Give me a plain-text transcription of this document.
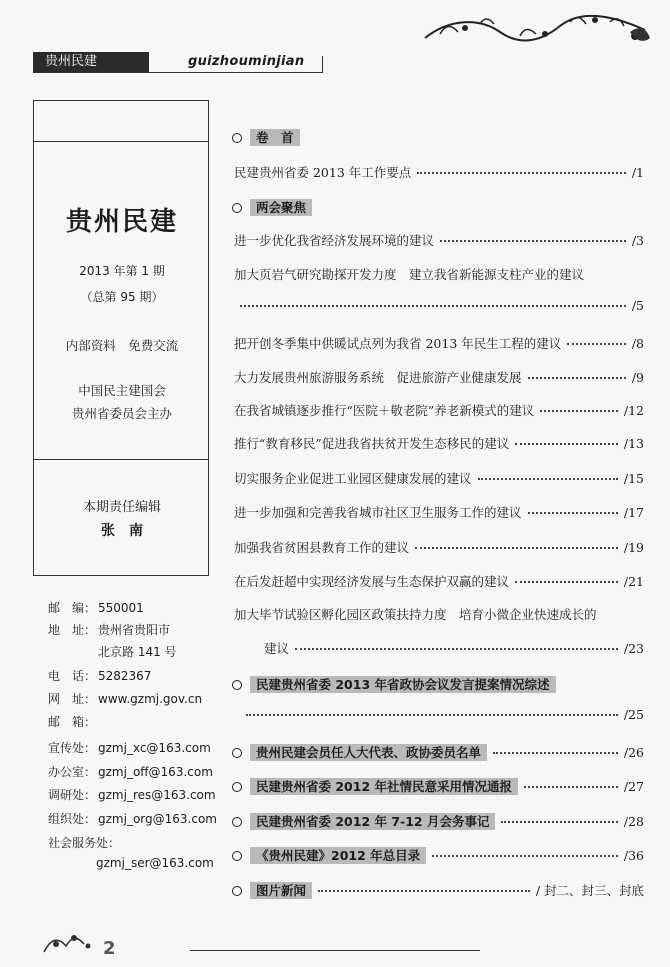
贵州民建	guizhouminjian
贵州民建
2013 年第 1 期
（总第 95 期）
内部资料　免费交流
中国民主建国会
贵州省委员会主办
本期责任编辑
张　南
邮　编： 550001
地　址： 贵州省贵阳市
北京路 141 号
电　话： 5282367
网　址： www.gzmj.gov.cn
邮　箱：
宣传处： gzmj_xc@163.com
办公室： gzmj_off@163.com
调研处： gzmj_res@163.com
组织处： gzmj_org@163.com
社会服务处：
gzmj_ser@163.com
2
卷　首
两会聚焦
民建贵州省委 2013 年工作要点	/1
进一步优化我省经济发展环境的建议	/3
加大页岩气研究勘探开发力度　建立我省新能源支柱产业的建议
/5
把开创冬季集中供暖试点列为我省 2013 年民生工程的建议	/8
大力发展贵州旅游服务系统　促进旅游产业健康发展	/9
在我省城镇逐步推行“医院＋敬老院”养老新模式的建议	/12
推行“教育移民”促进我省扶贫开发生态移民的建议	/13
切实服务企业促进工业园区健康发展的建议	/15
进一步加强和完善我省城市社区卫生服务工作的建议	/17
加强我省贫困县教育工作的建议	/19
在后发赶超中实现经济发展与生态保护双赢的建议	/21
加大毕节试验区孵化园区政策扶持力度　培育小微企业快速成长的
建议	/23
民建贵州省委 2013 年省政协会议发言提案情况综述
/25
贵州民建会员任人大代表、政协委员名单	/26
民建贵州省委 2012 年社情民意采用情况通报	/27
民建贵州省委 2012 年 7-12 月会务事记	/28
《贵州民建》2012 年总目录	/36
图片新闻	/ 封二、封三、封底
